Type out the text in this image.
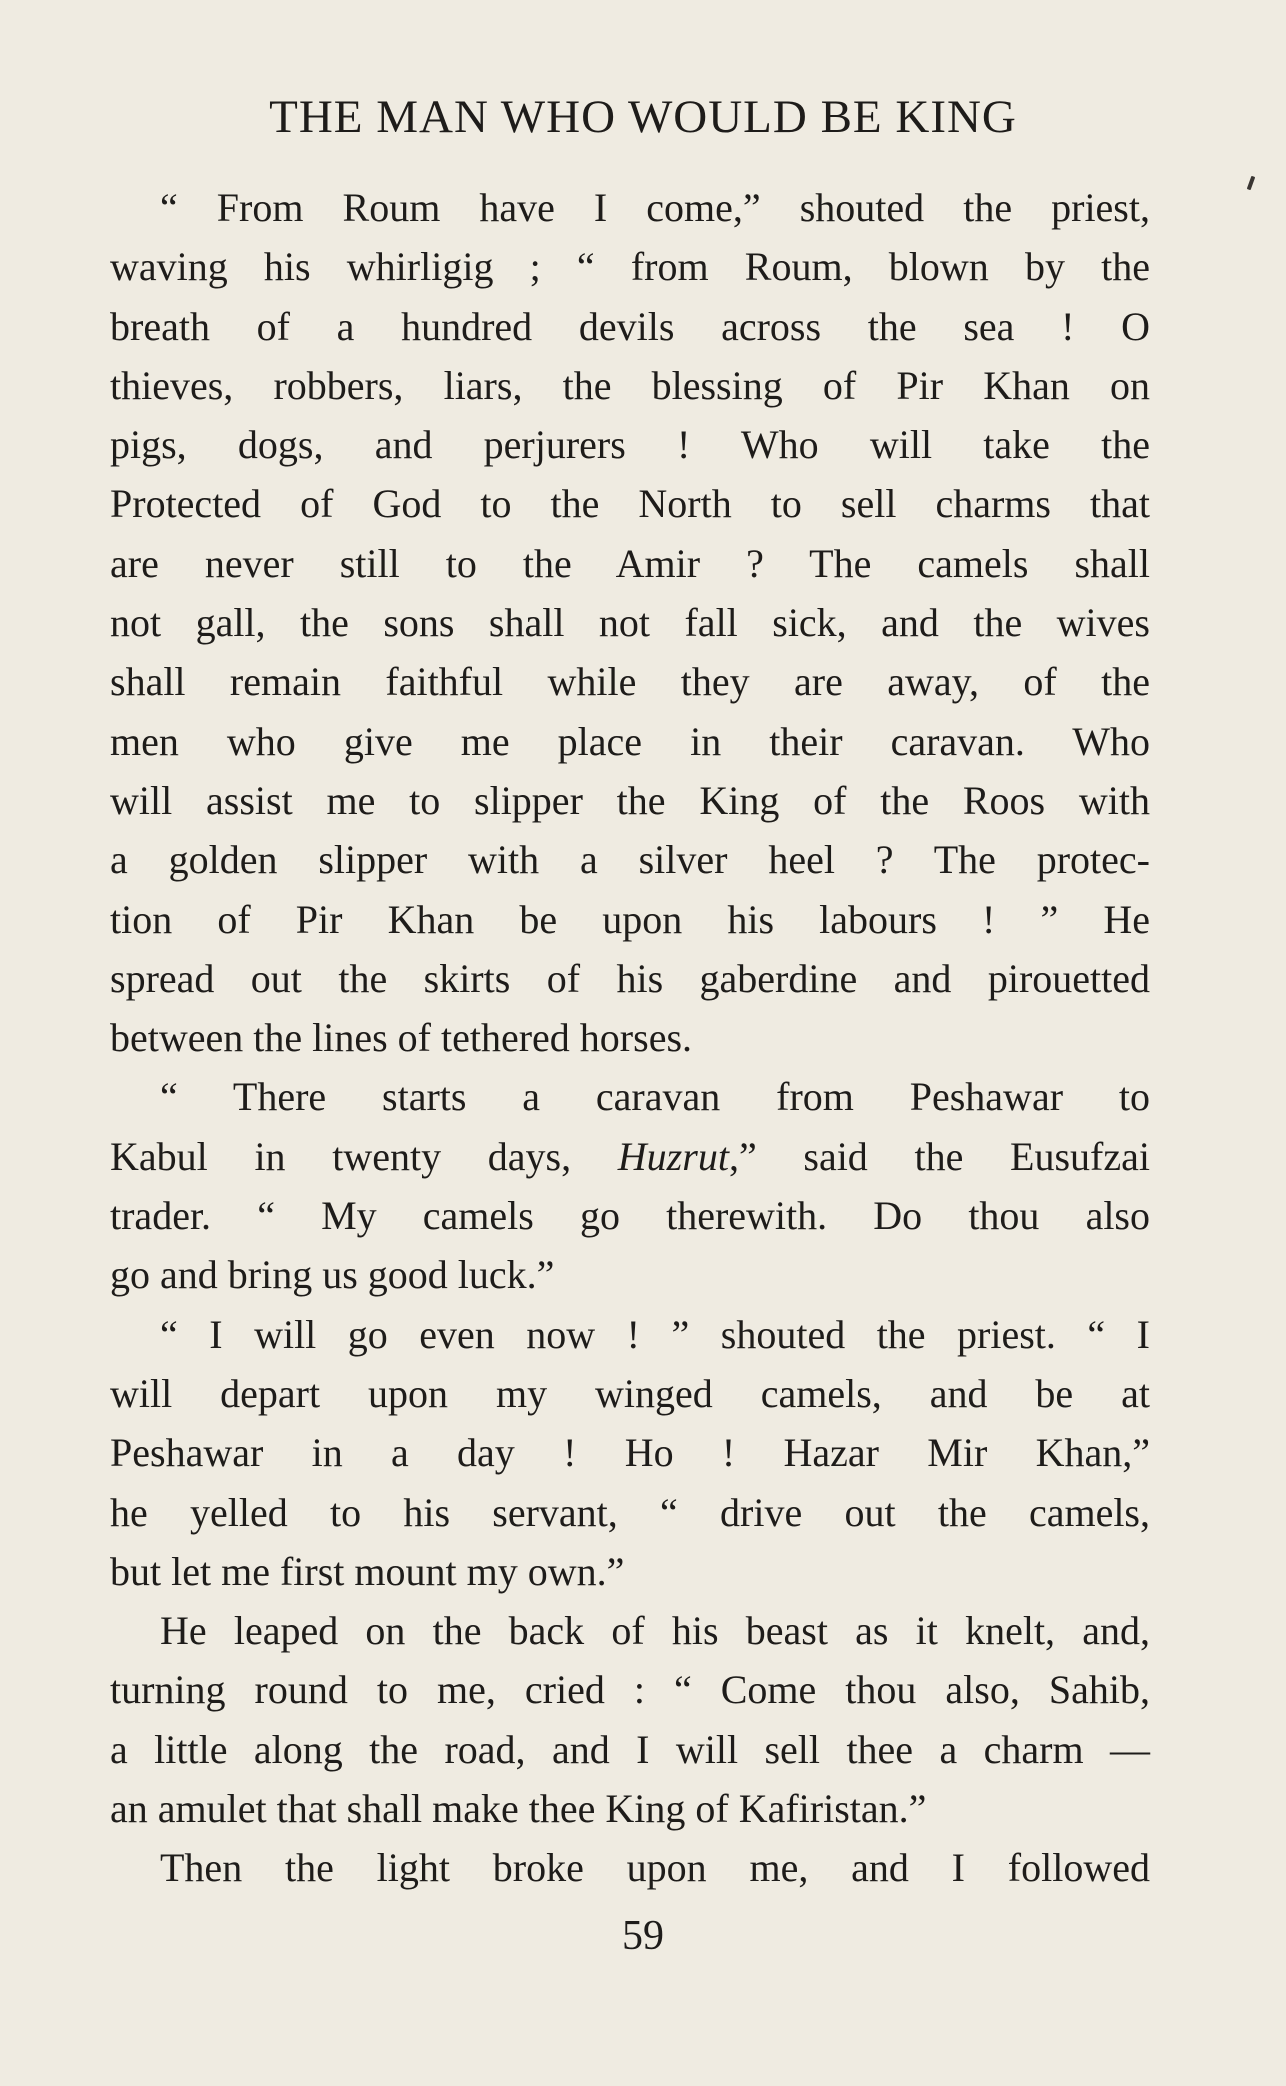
THE MAN WHO WOULD BE KING
“ From Roum have I come,” shouted the priest,
waving his whirligig ; “ from Roum, blown by the
breath of a hundred devils across the sea ! O
thieves, robbers, liars, the blessing of Pir Khan on
pigs, dogs, and perjurers ! Who will take the
Protected of God to the North to sell charms that
are never still to the Amir ? The camels shall
not gall, the sons shall not fall sick, and the wives
shall remain faithful while they are away, of the
men who give me place in their caravan. Who
will assist me to slipper the King of the Roos with
a golden slipper with a silver heel ? The protec-
tion of Pir Khan be upon his labours ! ” He
spread out the skirts of his gaberdine and pirouetted
between the lines of tethered horses.
“ There starts a caravan from Peshawar to
Kabul in twenty days, Huzrut,” said the Eusufzai
trader. “ My camels go therewith. Do thou also
go and bring us good luck.”
“ I will go even now ! ” shouted the priest. “ I
will depart upon my winged camels, and be at
Peshawar in a day ! Ho ! Hazar Mir Khan,”
he yelled to his servant, “ drive out the camels,
but let me first mount my own.”
He leaped on the back of his beast as it knelt, and,
turning round to me, cried : “ Come thou also, Sahib,
a little along the road, and I will sell thee a charm —
an amulet that shall make thee King of Kafiristan.”
Then the light broke upon me, and I followed
59
